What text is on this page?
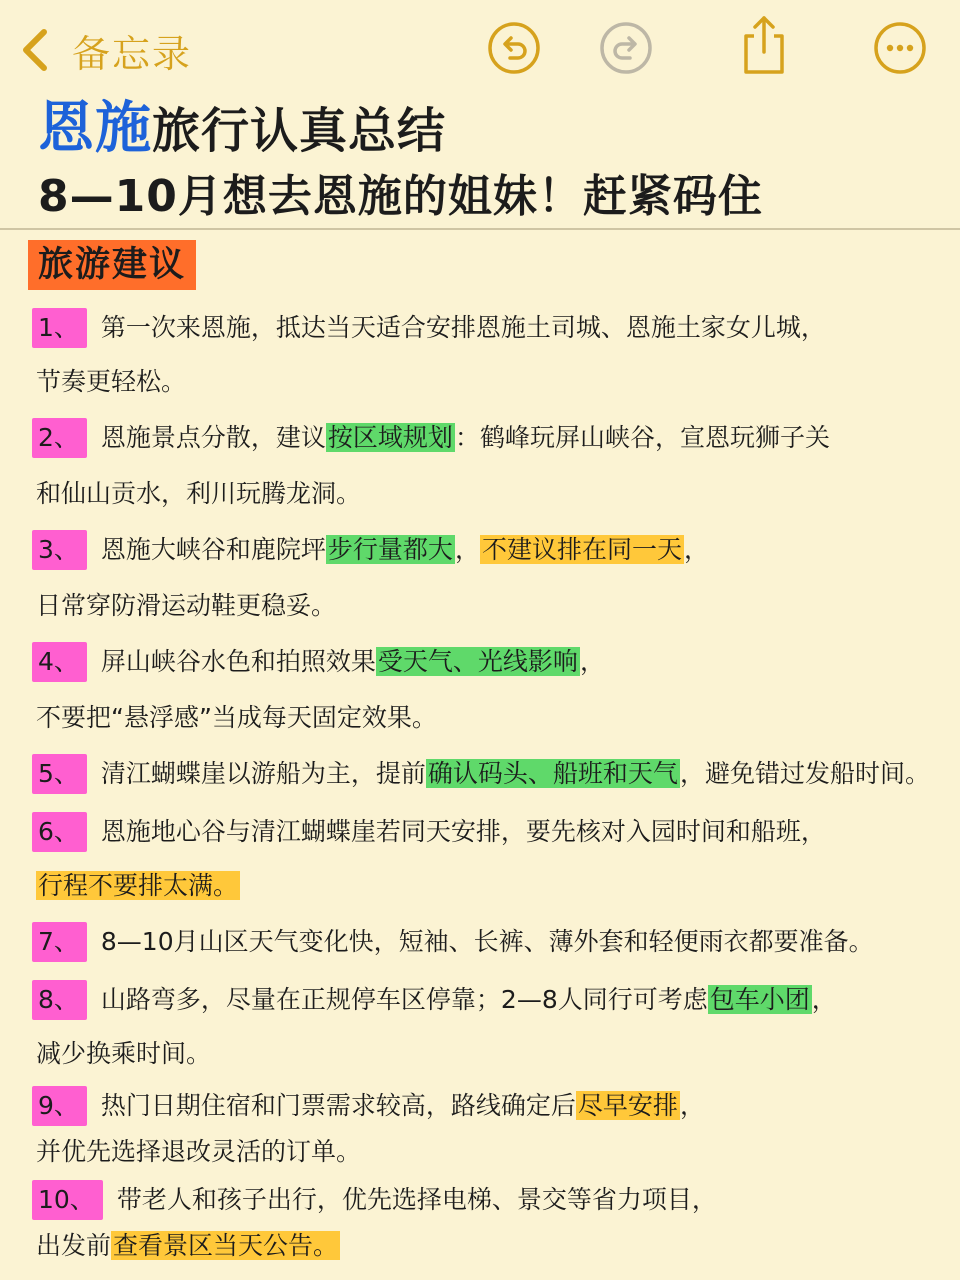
备忘录
恩施旅行认真总结
8—10月想去恩施的姐妹！赶紧码住
旅游建议
1、 第一次来恩施，抵达当天适合安排恩施土司城、恩施土家女儿城，
节奏更轻松。
2、 恩施景点分散，建议按区域规划：鹤峰玩屏山峡谷，宣恩玩狮子关
和仙山贡水，利川玩腾龙洞。
3、 恩施大峡谷和鹿院坪步行量都大，不建议排在同一天，
日常穿防滑运动鞋更稳妥。
4、 屏山峡谷水色和拍照效果受天气、光线影响，
不要把“悬浮感”当成每天固定效果。
5、 清江蝴蝶崖以游船为主，提前确认码头、船班和天气，避免错过发船时间。
6、 恩施地心谷与清江蝴蝶崖若同天安排，要先核对入园时间和船班，
行程不要排太满。
7、 8—10月山区天气变化快，短袖、长裤、薄外套和轻便雨衣都要准备。
8、 山路弯多，尽量在正规停车区停靠；2—8人同行可考虑包车小团，
减少换乘时间。
9、 热门日期住宿和门票需求较高，路线确定后尽早安排，
并优先选择退改灵活的订单。
10、 带老人和孩子出行，优先选择电梯、景交等省力项目，
出发前查看景区当天公告。
